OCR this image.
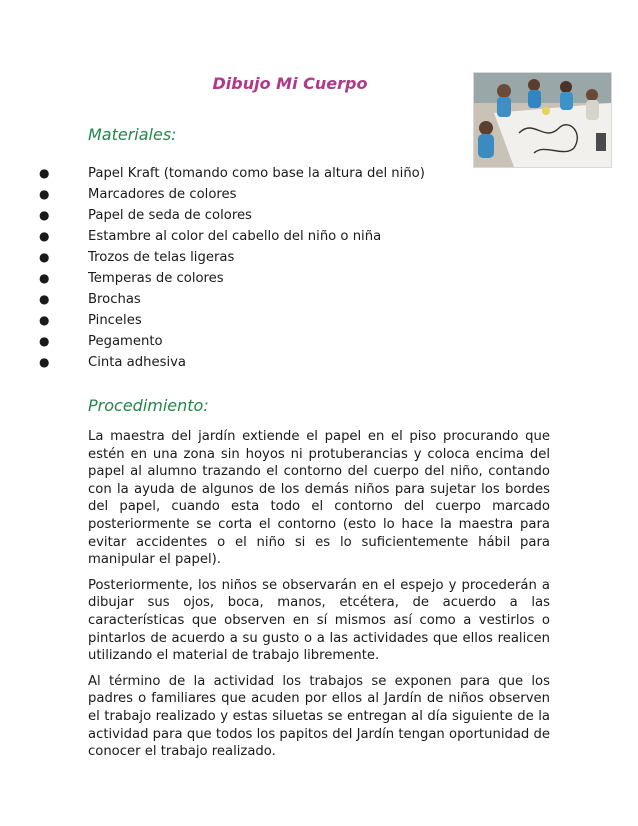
Dibujo Mi Cuerpo
Materiales:
●	Papel Kraft (tomando como base la altura del niño)
●	Marcadores de colores
●	Papel de seda de colores
●	Estambre al color del cabello del niño o niña
●	Trozos de telas ligeras
●	Temperas de colores
●	Brochas
●	Pinceles
●	Pegamento
●	Cinta adhesiva
Procedimiento:

La maestra del jardín extiende el papel en el piso procurando que estén en una zona sin hoyos ni protuberancias y coloca encima del papel al alumno trazando el contorno del cuerpo del niño, contando con la ayuda de algunos de los demás niños para sujetar los bordes del papel, cuando esta todo el contorno del cuerpo marcado posteriormente se corta el contorno (esto lo hace la maestra para evitar accidentes o el niño si es lo suficientemente hábil para manipular el papel).

Posteriormente, los niños se observarán en el espejo y procederán a dibujar sus ojos, boca, manos, etcétera, de acuerdo a las características que observen en sí mismos así como a vestirlos o pintarlos de acuerdo a su gusto o a las actividades que ellos realicen utilizando el material de trabajo libremente.

Al término de la actividad los trabajos se exponen para que los padres o familiares que acuden por ellos al Jardín de niños observen el trabajo realizado y estas siluetas se entregan al día siguiente de la actividad para que todos los papitos del Jardín tengan oportunidad de conocer el trabajo realizado.
